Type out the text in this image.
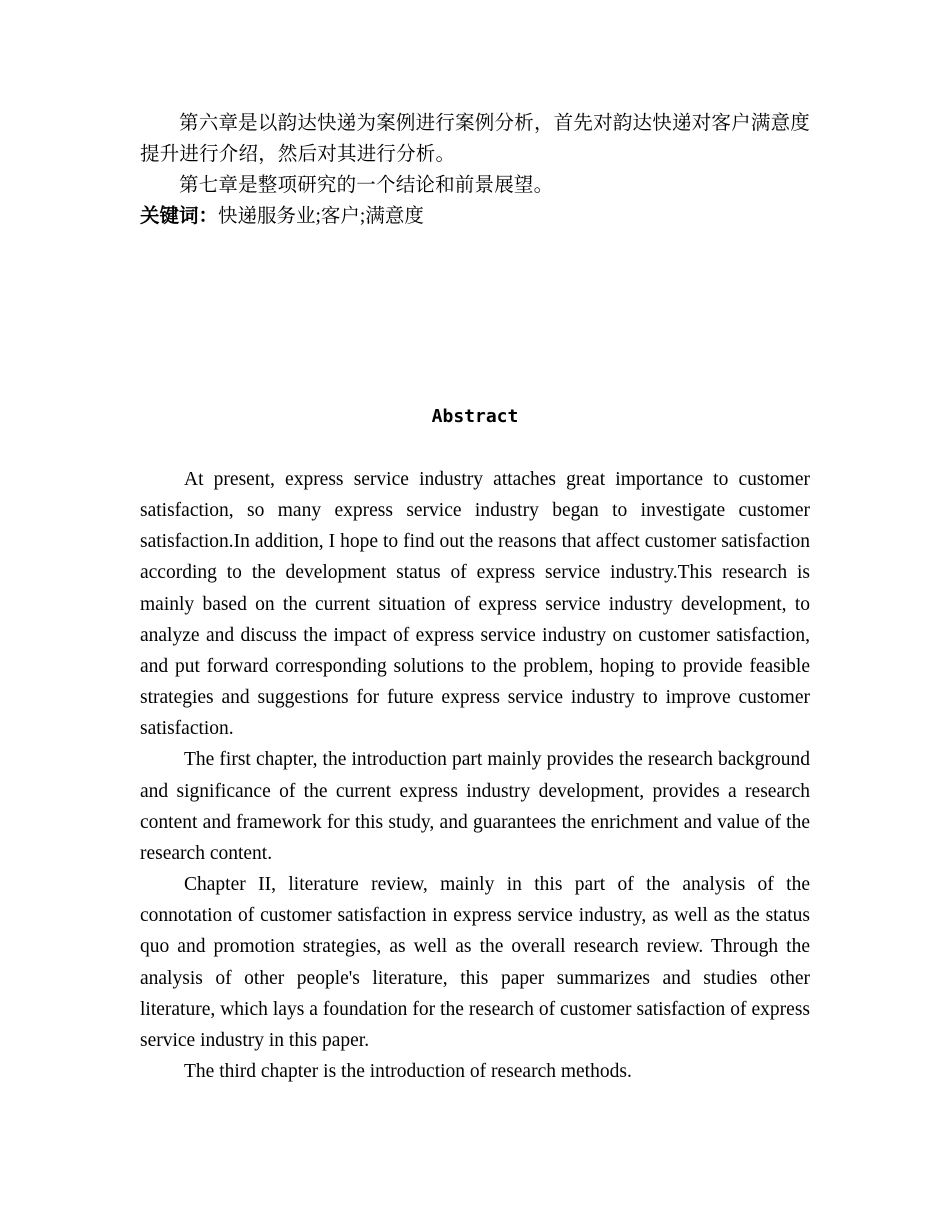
第六章是以韵达快递为案例进行案例分析，首先对韵达快递对客户满意度提升进行介绍，然后对其进行分析。

第七章是整项研究的一个结论和前景展望。

关键词：快递服务业;客户;满意度

Abstract

At present, express service industry attaches great importance to customer satisfaction, so many express service industry began to investigate customer satisfaction.In addition, I hope to find out the reasons that affect customer satisfaction according to the development status of express service industry.This research is mainly based on the current situation of express service industry development, to analyze and discuss the impact of express service industry on customer satisfaction, and put forward corresponding solutions to the problem, hoping to provide feasible strategies and suggestions for future express service industry to improve customer satisfaction.

The first chapter, the introduction part mainly provides the research background and significance of the current express industry development, provides a research content and framework for this study, and guarantees the enrichment and value of the research content.

Chapter II, literature review, mainly in this part of the analysis of the connotation of customer satisfaction in express service industry, as well as the status quo and promotion strategies, as well as the overall research review. Through the analysis of other people's literature, this paper summarizes and studies other literature, which lays a foundation for the research of customer satisfaction of express service industry in this paper.

The third chapter is the introduction of research methods.
